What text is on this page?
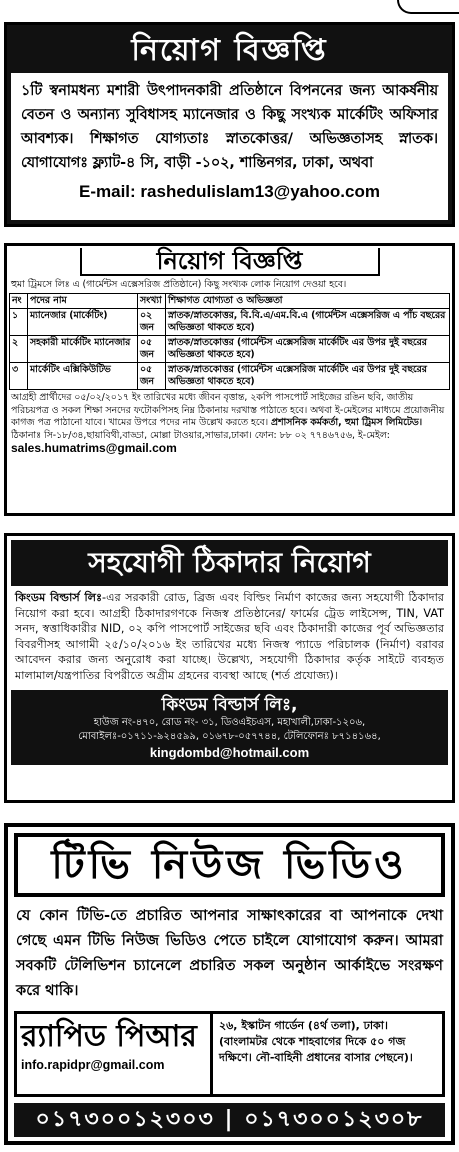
নিয়োগ বিজ্ঞপ্তি
১টি স্বনামধন্য মশারী উৎপাদনকারী প্রতিষ্ঠানে বিপননের জন্য আকর্ষনীয় বেতন ও অন্যান্য সুবিধাসহ ম্যানেজার ও কিছু সংখ্যক মার্কেটিং অফিসার আবশ্যক। শিক্ষাগত যোগ্যতাঃ স্নাতকোত্তর/ অভিজ্ঞতাসহ স্নাতক। যোগাযোগঃ ফ্ল্যাট-৪ সি, বাড়ী -১০২, শান্তিনগর, ঢাকা, অথবা
E-mail: rashedulislam13@yahoo.com
নিয়োগ বিজ্ঞপ্তি
হুমা ট্রিমসে লিঃ এ (গার্মেন্টস এক্সেসরিজ প্রতিষ্ঠানে) কিছু সংখ্যক লোক নিয়োগ দেওয়া হবে।
নং	পদের নাম	সংখ্যা	শিক্ষাগত যোগ্যতা ও অভিজ্ঞতা
১	ম্যানেজার (মার্কেটিং)	০২ জন	স্নাতক/স্নাতকোত্তর, বি.বি.এ/এম.বি.এ (গার্মেন্টস এক্সেসরিজ এ পাঁচ বছরের অভিজ্ঞতা থাকতে হবে)
২	সহকারী মার্কেটিং ম্যানেজার	০৫ জন	স্নাতক/স্নাতকোত্তর (গার্মেন্টস এক্সেসরিজ মার্কেটিং এর উপর দুই বছরের অভিজ্ঞতা থাকতে হবে)
৩	মার্কেটিং এক্সিকিউটিভ	০৫ জন	স্নাতক/স্নাতকোত্তর (গার্মেন্টস এক্সেসরিজ মার্কেটিং এর উপর দুই বছরের অভিজ্ঞতা থাকতে হবে)
আগ্রহী প্রার্থীদের ০৫/০২/২০১৭ ইং তারিখের মধ্যে জীবন বৃত্তান্ত, ২কপি পাসপোর্ট সাইজের রঙিন ছবি, জাতীয় পরিচয়পত্র ও সকল শিক্ষা সনদের ফটোকপিসহ নিম্ন ঠিকানায় দরখাস্ত পাঠাতে হবে। অথবা ই-মেইলের মাধ্যমে প্রয়োজনীয় কাগজ পত্র পাঠানো যাবে। খামের উপরে পদের নাম উল্লেখ করতে হবে। প্রশাসনিক কর্মকর্তা, হুমা ট্রিমস লিমিটেড। ঠিকানাঃ সি-১৮/৩৪,ছায়াবিথী,বাড্ডা, মোল্লা টাওয়ার,সাভার,ঢাকা। ফোন: ৮৮ ০২ ৭৭৪৬৭৫৬, ই-মেইল: sales.humatrims@gmail.com
সহযোগী ঠিকাদার নিয়োগ
কিংডম বিল্ডার্স লিঃ-এর সরকারী রোড, ব্রিজ এবং বিল্ডিং নির্মাণ কাজের জন্য সহযোগী ঠিকাদার নিয়োগ করা হবে। আগ্রহী ঠিকাদারগণকে নিজস্ব প্রতিষ্ঠানের/ ফার্মের ট্রেড লাইসেন্স, TIN, VAT সনদ, স্বত্তাধিকারীর NID, ০২ কপি পাসপোর্ট সাইজের ছবি এবং ঠিকাদারী কাজের পূর্ব অভিজ্ঞতার বিবরণীসহ আগামী ২৫/১০/২০১৬ ইং তারিখের মধ্যে নিজস্ব প্যাডে পরিচালক (নির্মাণ) বরাবর আবেদন করার জন্য অনুরোধ করা যাচ্ছে। উল্লেখ্য, সহযোগী ঠিকাদার কর্তৃক সাইটে ব্যবহৃত মালামাল/যন্ত্রপাতির বিপরীতে অগ্রীম গ্রহনের ব্যবস্থা আছে (শর্ত প্রযোজ্য)।
কিংডম বিল্ডার্স লিঃ,
হাউজ নং-৪৭০, রোড নং- ৩১, ডিওএইচএস, মহাখালী,ঢাকা-১২০৬,
মোবাইলঃ-০১৭১১-৯২৪৫৯৯, ০১৬৭৮-০৫৭৭৪৪, টেলিফোনঃ ৮৭১৪১৬৪,
kingdombd@hotmail.com
টিভি নিউজ ভিডিও
যে কোন টিভি-তে প্রচারিত আপনার সাক্ষাৎকারের বা আপনাকে দেখা গেছে এমন টিভি নিউজ ভিডিও পেতে চাইলে যোগাযোগ করুন। আমরা সবকটি টেলিভিশন চ্যানেলে প্রচারিত সকল অনুষ্ঠান আর্কাইভে সংরক্ষণ করে থাকি।
র‍্যাপিড পিআর
info.rapidpr@gmail.com
২৬, ইস্কাটন গার্ডেন (৪র্থ তলা), ঢাকা। (বাংলামটর থেকে শাহবাগের দিকে ৫০ গজ দক্ষিণে। নৌ-বাহিনী প্রধানের বাসার পেছনে)।
০১৭৩০০১২৩০৩ | ০১৭৩০০১২৩০৮
